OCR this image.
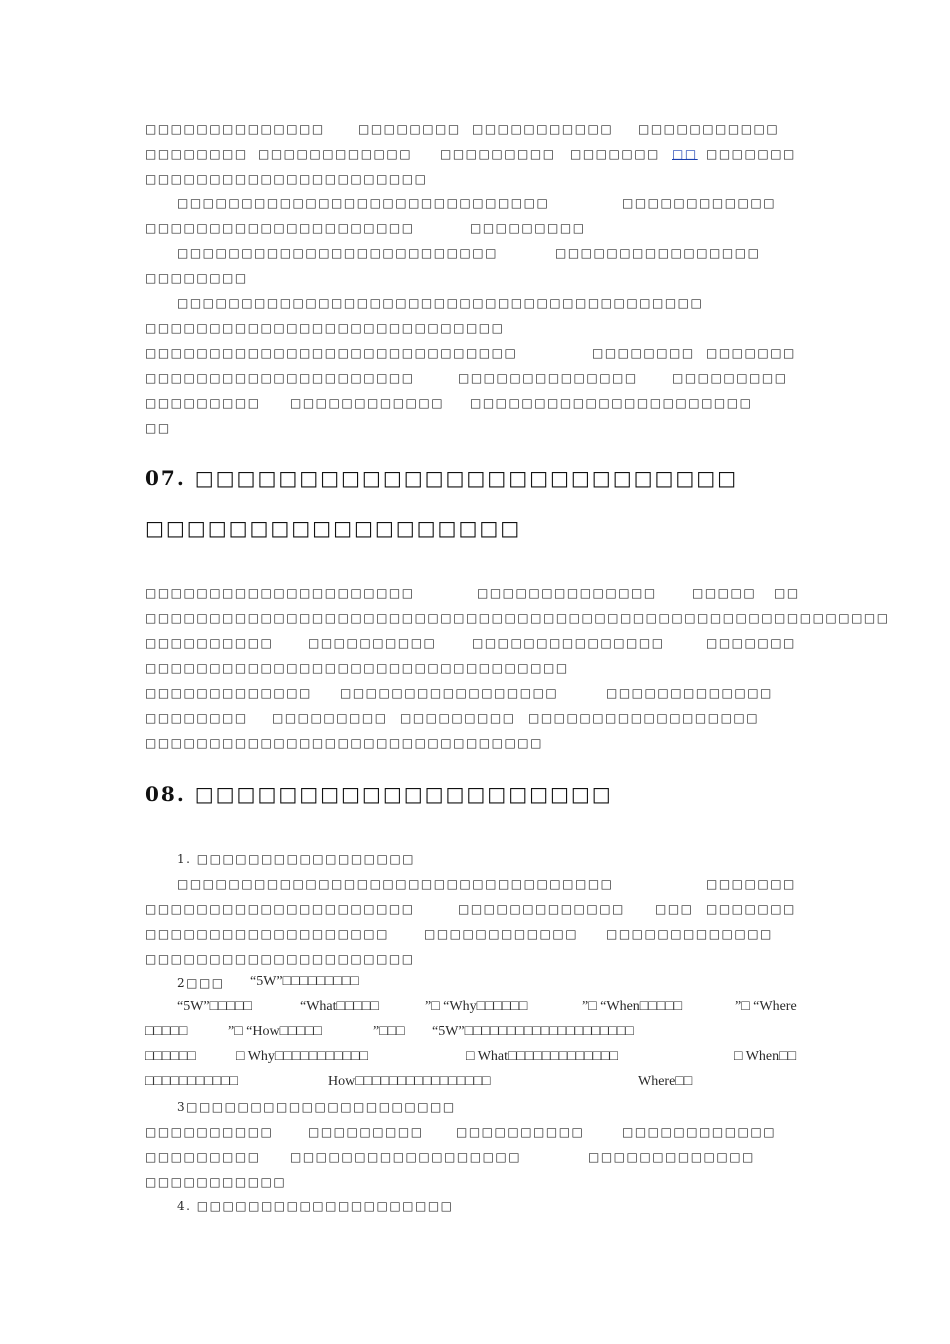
□□□□□□□□□□□□□□	□□□□□□□□ □□□□□□□□□□□ □□□□□□□□□□□
□□□□□□□□ □□□□□□□□□□□□ □□□□□□□□□ □□□□□□□ □□ □□□□□□□
□□□□□□□□□□□□□□□□□□□□□□
□□□□□□□□□□□□□□□□□□□□□□□□□□□□□	□□□□□□□□□□□□
□□□□□□□□□□□□□□□□□□□□□	□□□□□□□□□
□□□□□□□□□□□□□□□□□□□□□□□□□	□□□□□□□□□□□□□□□□
□□□□□□□□
□□□□□□□□□□□□□□□□□□□□□□□□□□□□□□□□□□□□□□□□□
□□□□□□□□□□□□□□□□□□□□□□□□□□□□
□□□□□□□□□□□□□□□□□□□□□□□□□□□□□	□□□□□□□□ □□□□□□□
□□□□□□□□□□□□□□□□□□□□□	□□□□□□□□□□□□□□	□□□□□□□□□
□□□□□□□□□ □□□□□□□□□□□□ □□□□□□□□□□□□□□□□□□□□□□
□□
07. □□□□□□□□□□□□□□□□□□□□□□□□□□
□□□□□□□□□□□□□□□□□□
□□□□□□□□□□□□□□□□□□□□□	□□□□□□□□□□□□□□	□□□□□ □□
□□□□□□□□□□□□□□□□□□□□□□□□□□□□□□□□□□□□□□□□□□□□□□□□□□□□□□□□□□
□□□□□□□□□□	□□□□□□□□□□	□□□□□□□□□□□□□□□	□□□□□□□
□□□□□□□□□□□□□□□□□□□□□□□□□□□□□□□□□
□□□□□□□□□□□□□ □□□□□□□□□□□□□□□□□	□□□□□□□□□□□□□
□□□□□□□□ □□□□□□□□□ □□□□□□□□□ □□□□□□□□□□□□□□□□□□
□□□□□□□□□□□□□□□□□□□□□□□□□□□□□□□
08. □□□□□□□□□□□□□□□□□□□□
1. □□□□□□□□□□□□□□□□□
□□□□□□□□□□□□□□□□□□□□□□□□□□□□□□□□□□	□□□□□□□
□□□□□□□□□□□□□□□□□□□□□	□□□□□□□□□□□□□	□□□ □□□□□□□
□□□□□□□□□□□□□□□□□□□	□□□□□□□□□□□□ □□□□□□□□□□□□□
□□□□□□□□□□□□□□□□□□□□□
2□□□ “5W”□□□□□□□□□
“5W”□□□□□	“What□□□□□	”□ “Why□□□□□□	”□ “When□□□□□	”□ “Where
□□□□□	”□ “How□□□□□	”□□□ “5W”□□□□□□□□□□□□□□□□□□□□
□□□□□□	□ Why□□□□□□□□□□□	□ What□□□□□□□□□□□□□	□ When□□
□□□□□□□□□□□	How□□□□□□□□□□□□□□□□	Where□□
3□□□□□□□□□□□□□□□□□□□□□
□□□□□□□□□□	□□□□□□□□□	□□□□□□□□□□	□□□□□□□□□□□□
□□□□□□□□□ □□□□□□□□□□□□□□□□□□	□□□□□□□□□□□□□
□□□□□□□□□□□
4. □□□□□□□□□□□□□□□□□□□□
